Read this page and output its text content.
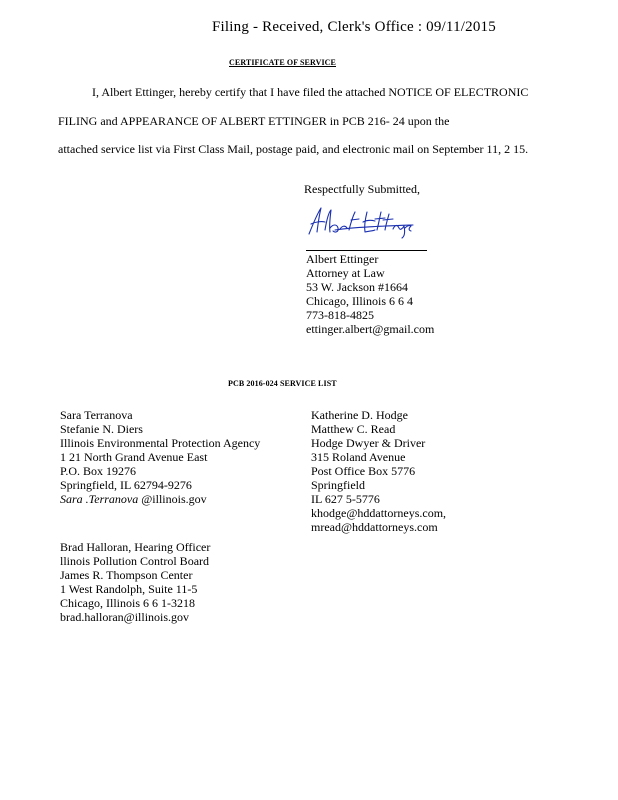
Filing - Received, Clerk's Office : 09/11/2015
CERTIFICATE OF SERVICE
I, Albert Ettinger, hereby certify that I have filed the attached NOTICE OF ELECTRONIC
FILING and APPEARANCE OF ALBERT ETTINGER in PCB 216- 24 upon the
attached service list via First Class Mail, postage paid, and electronic mail on September 11, 2 15.
Respectfully Submitted,
Albert Ettinger
Attorney at Law
53 W. Jackson #1664
Chicago, Illinois 6 6 4
773-818-4825
ettinger.albert@gmail.com
PCB 2016-024 SERVICE LIST
Sara Terranova
Stefanie N. Diers
Illinois Environmental Protection Agency
1 21 North Grand Avenue East
P.O. Box 19276
Springfield, IL 62794-9276
Sara .Terranova @illinois.gov
Katherine D. Hodge
Matthew C. Read
Hodge Dwyer & Driver
315 Roland Avenue
Post Office Box 5776
Springfield
IL 627 5-5776
khodge@hddattorneys.com,
mread@hddattorneys.com
Brad Halloran, Hearing Officer
llinois Pollution Control Board
James R. Thompson Center
1 West Randolph, Suite 11-5
Chicago, Illinois 6 6 1-3218
brad.halloran@illinois.gov
